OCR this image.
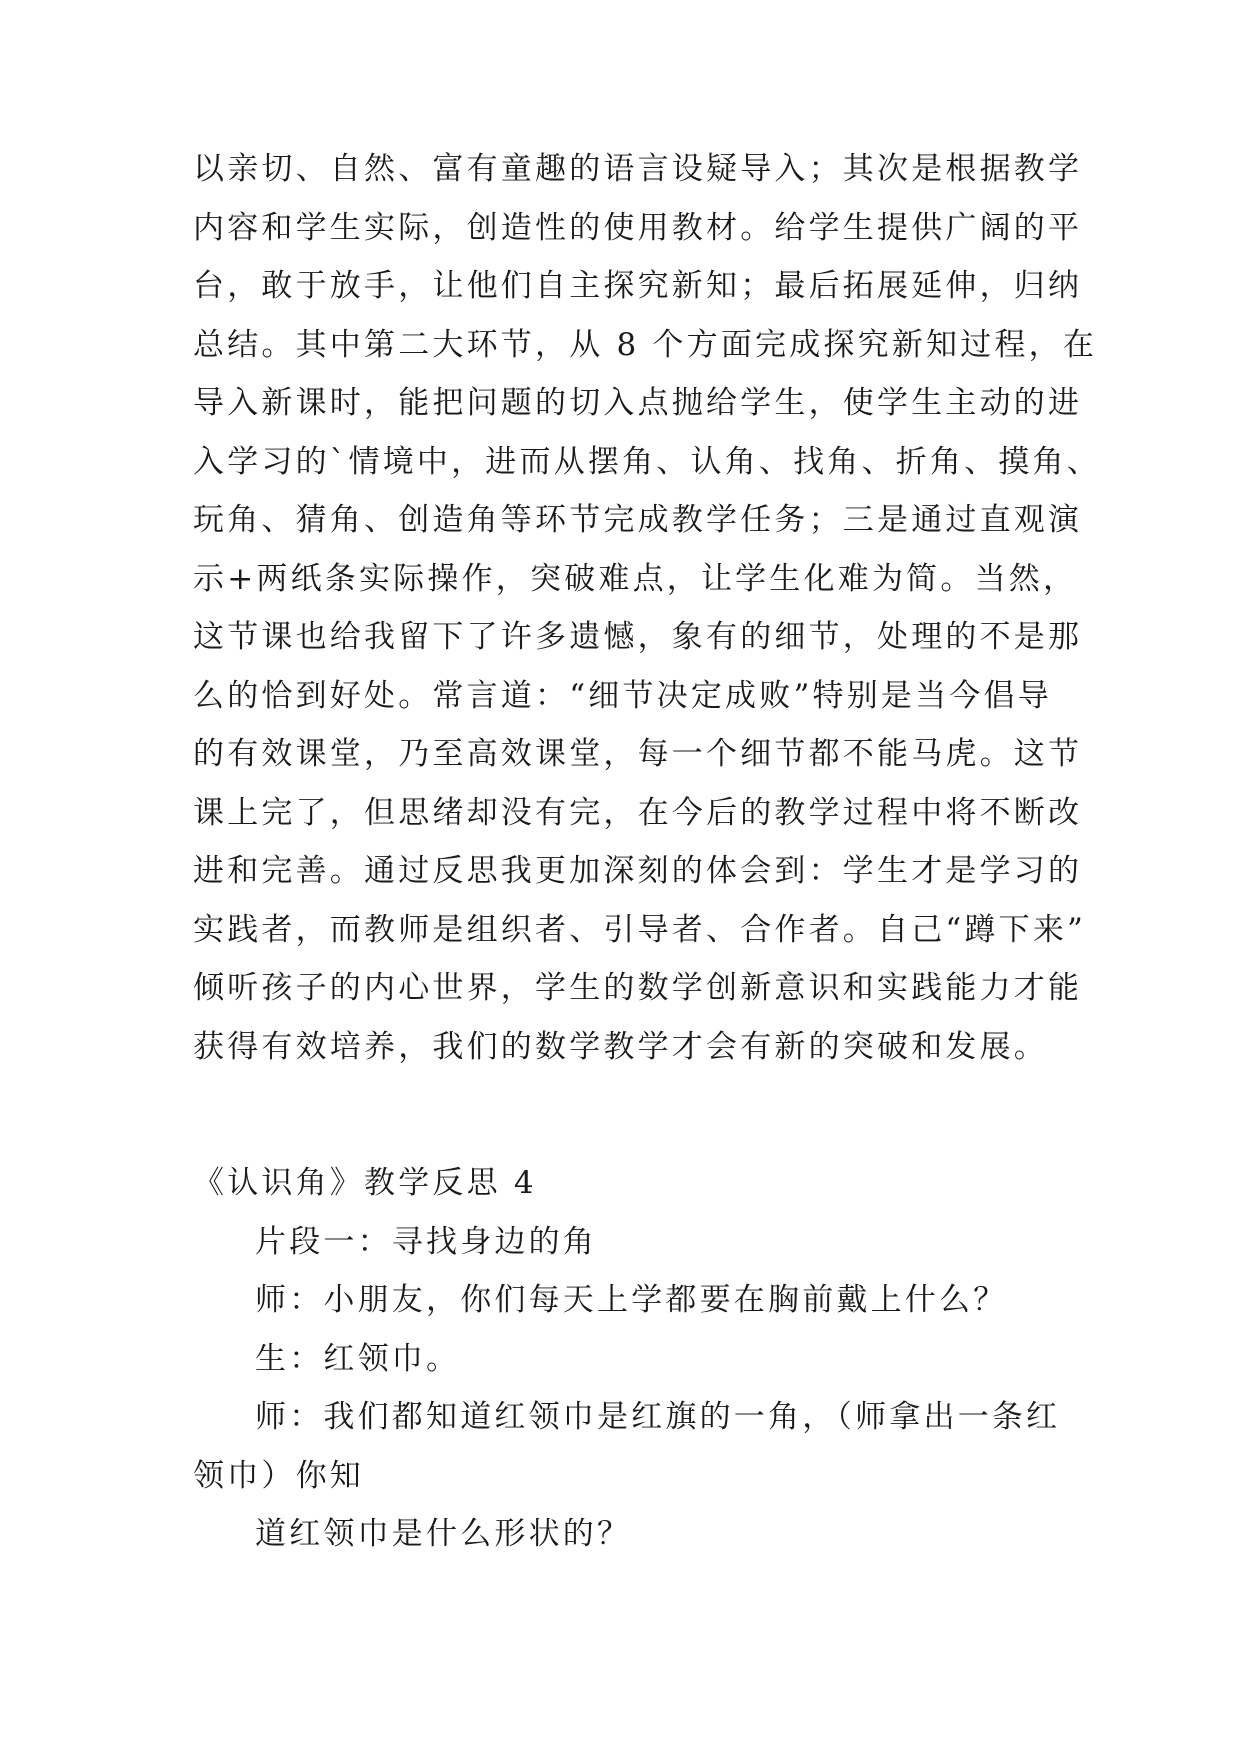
以亲切、自然、富有童趣的语言设疑导入；其次是根据教学
内容和学生实际，创造性的使用教材。给学生提供广阔的平
台，敢于放手，让他们自主探究新知；最后拓展延伸，归纳
总结。其中第二大环节，从 8 个方面完成探究新知过程，在
导入新课时，能把问题的切入点抛给学生，使学生主动的进
入学习的`情境中，进而从摆角、认角、找角、折角、摸角、
玩角、猜角、创造角等环节完成教学任务；三是通过直观演
示+两纸条实际操作，突破难点，让学生化难为简。当然，
这节课也给我留下了许多遗憾，象有的细节，处理的不是那
么的恰到好处。常言道：“细节决定成败”特别是当今倡导
的有效课堂，乃至高效课堂，每一个细节都不能马虎。这节
课上完了，但思绪却没有完，在今后的教学过程中将不断改
进和完善。通过反思我更加深刻的体会到：学生才是学习的
实践者，而教师是组织者、引导者、合作者。自己“蹲下来”
倾听孩子的内心世界，学生的数学创新意识和实践能力才能
获得有效培养，我们的数学教学才会有新的突破和发展。
《认识角》教学反思 4
片段一：寻找身边的角
师：小朋友，你们每天上学都要在胸前戴上什么？
生：红领巾。
师：我们都知道红领巾是红旗的一角，（师拿出一条红
领巾）你知
道红领巾是什么形状的？
